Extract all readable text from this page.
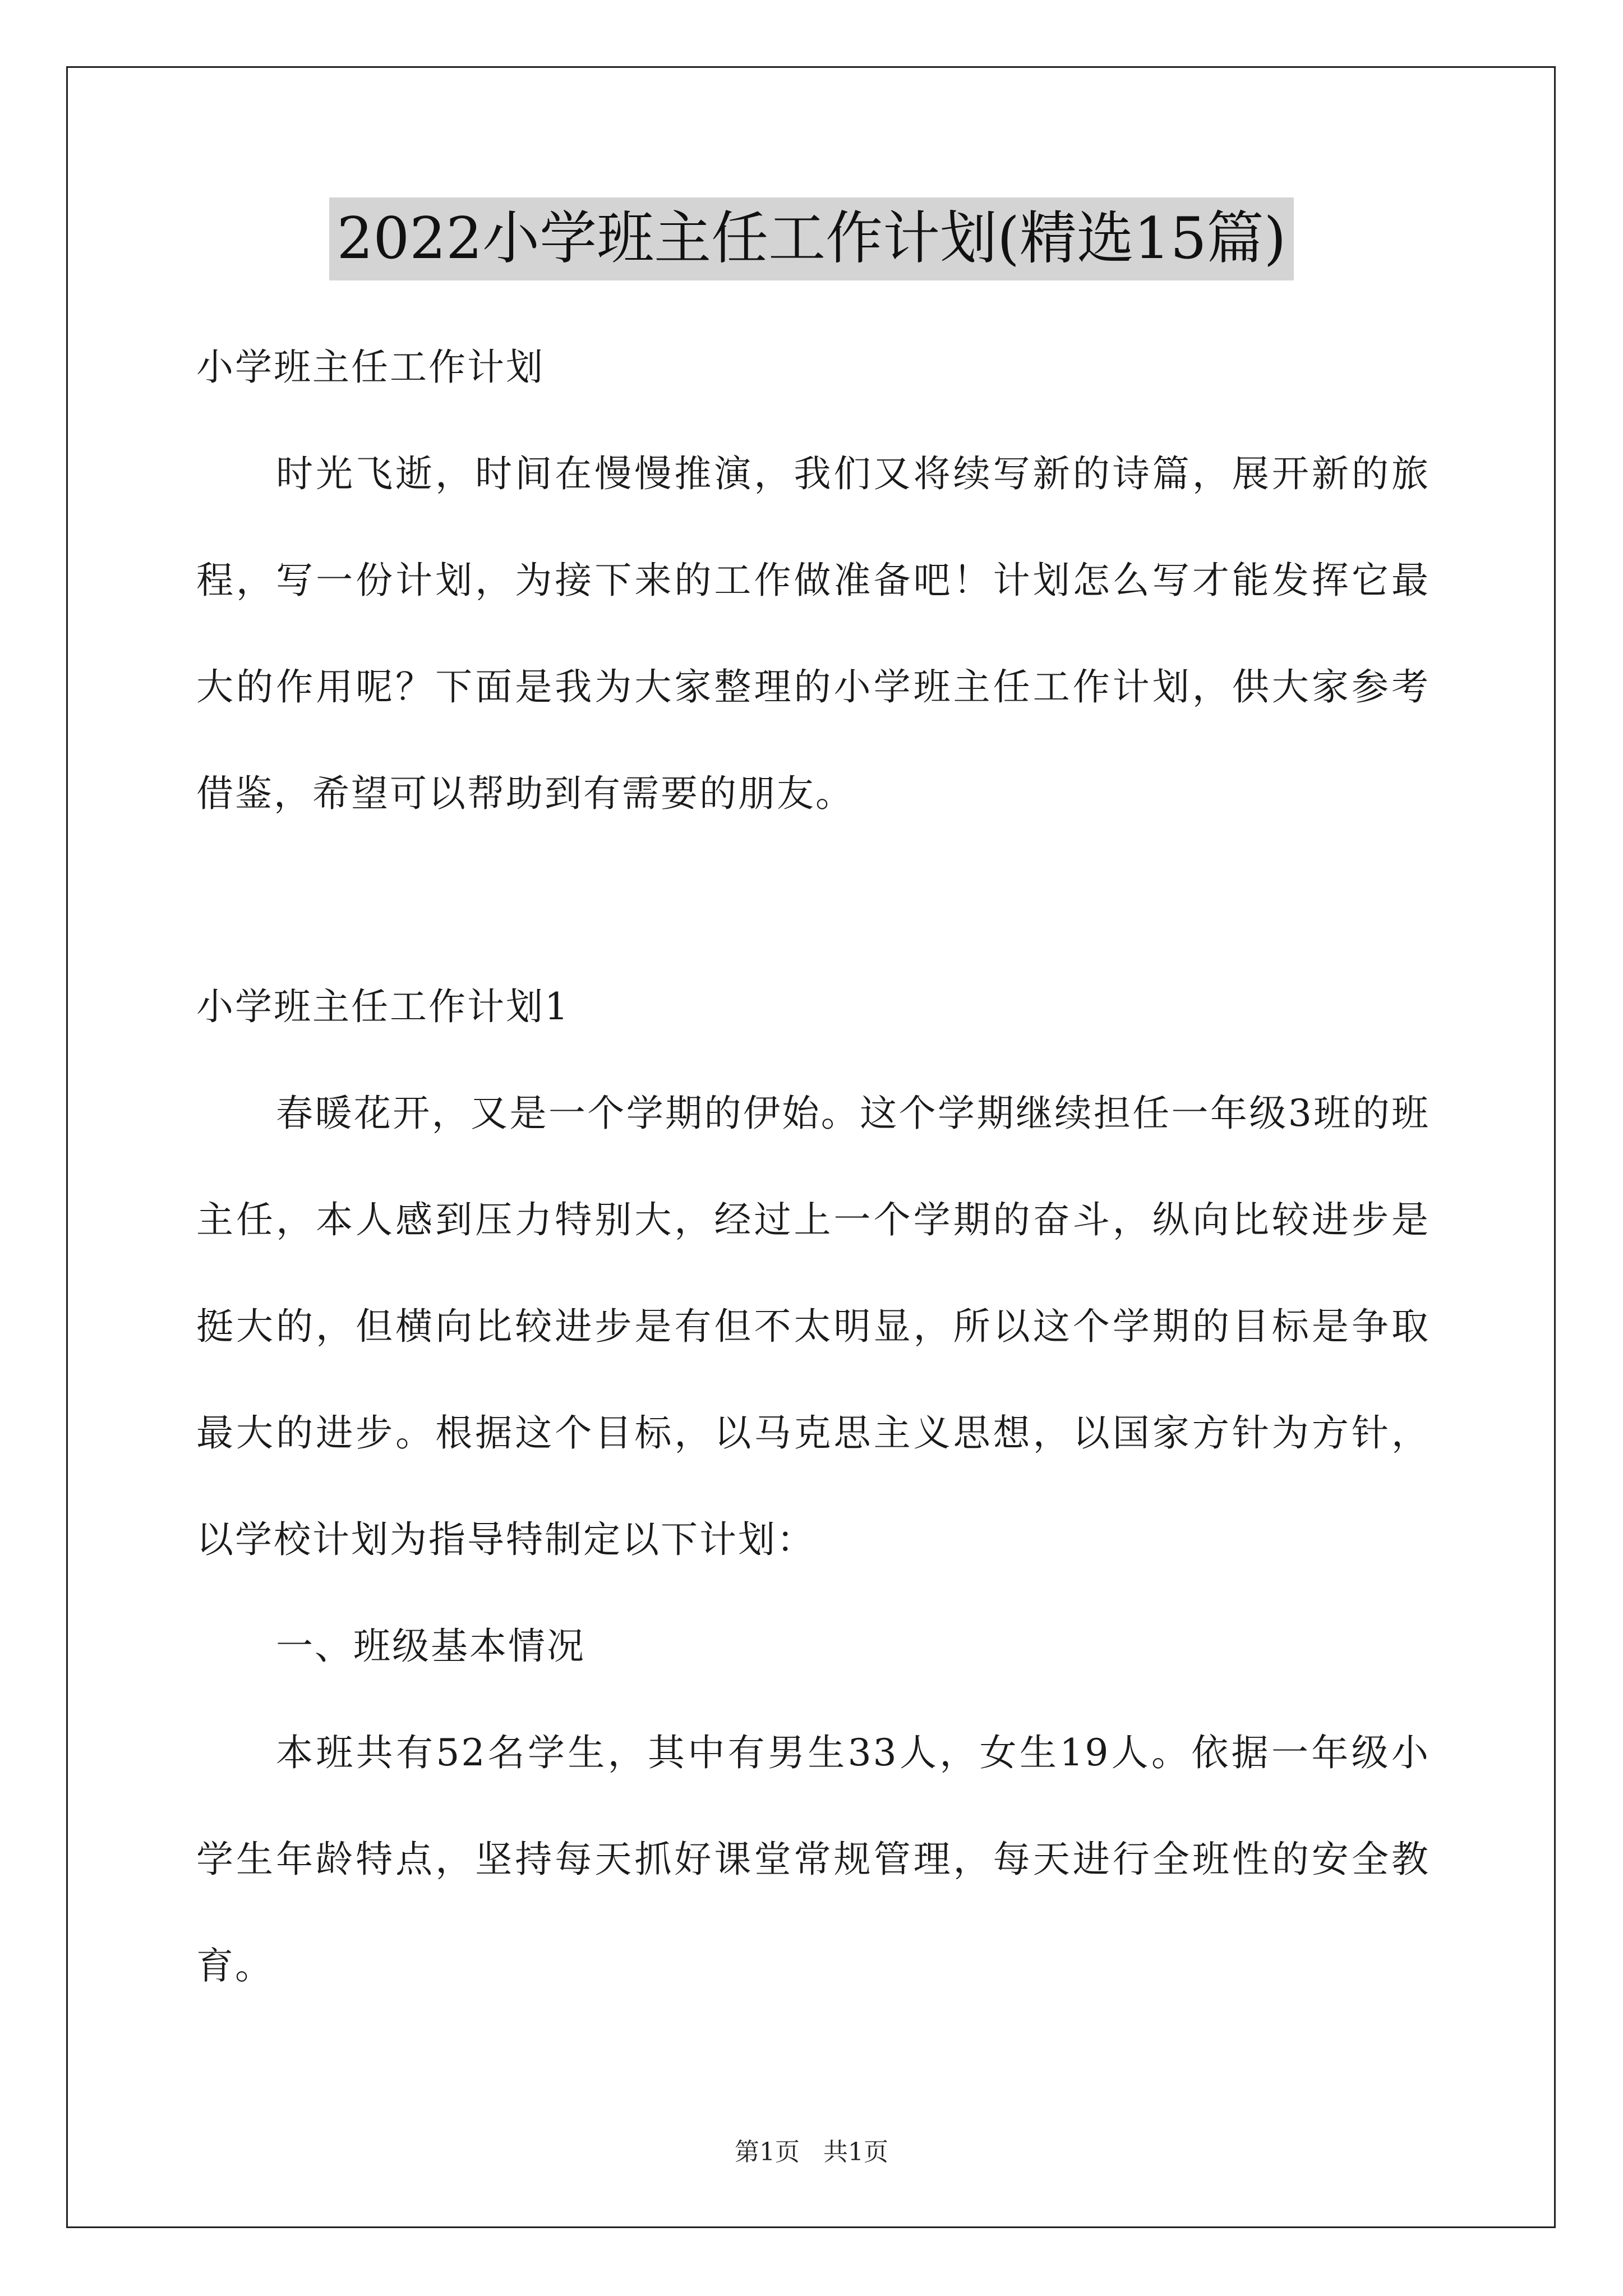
2022小学班主任工作计划(精选15篇)

小学班主任工作计划

时光飞逝，时间在慢慢推演，我们又将续写新的诗篇，展开新的旅程，写一份计划，为接下来的工作做准备吧！计划怎么写才能发挥它最大的作用呢？下面是我为大家整理的小学班主任工作计划，供大家参考借鉴，希望可以帮助到有需要的朋友。

小学班主任工作计划1

春暖花开，又是一个学期的伊始。这个学期继续担任一年级3班的班主任，本人感到压力特别大，经过上一个学期的奋斗，纵向比较进步是挺大的，但横向比较进步是有但不太明显，所以这个学期的目标是争取最大的进步。根据这个目标，以马克思主义思想，以国家方针为方针，以学校计划为指导特制定以下计划：

一、班级基本情况

本班共有52名学生，其中有男生33人，女生19人。依据一年级小学生年龄特点，坚持每天抓好课堂常规管理，每天进行全班性的安全教育。

第1页 共1页
